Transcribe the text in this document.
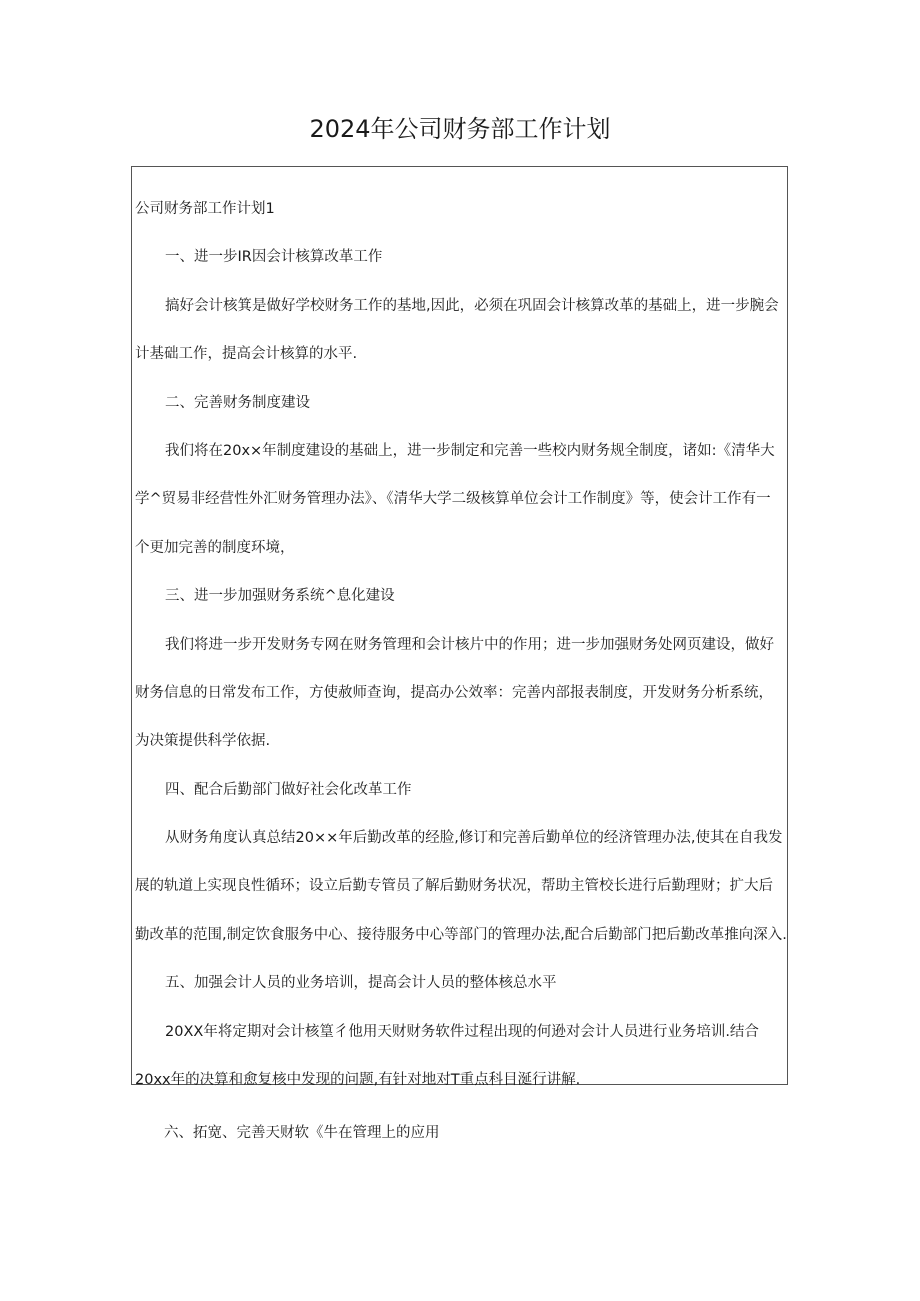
2024年公司财务部工作计划

公司财务部工作计划1

一、进一步IR因会计核算改革工作

搞好会计核箕是做好学校财务工作的基地,因此，必须在巩固会计核算改革的基础上，进一步腕会

计基础工作，提高会计核算的水平.

二、完善财务制度建设

我们将在20x×年制度建设的基础上，进一步制定和完善一些校内财务规全制度，诸如:《清华大

学^贸易非经营性外汇财务管理办法》、《清华大学二级核算单位会计工作制度》等，使会计工作有一

个更加完善的制度环境，

三、进一步加强财务系统^息化建设

我们将进一步开发财务专网在财务管理和会计核片中的作用；进一步加强财务处网页建设，做好

财务信息的日常发布工作，方使赦师查询，提高办公效率：完善内部报表制度，开发财务分析系统，

为决策提供科学依据.

四、配合后勤部门做好社会化改革工作

从财务角度认真总结20××年后勤改革的经脸,修订和完善后勤单位的经济管理办法,使其在自我发

展的轨道上实现良性循环；设立后勤专管员了解后勤财务状况，帮助主管校长进行后勤理财；扩大后

勤改革的范围,制定饮食服务中心、接待服务中心等部门的管理办法,配合后勤部门把后勤改革推向深入.

五、加强会计人员的业务培训，提高会计人员的整体核总水平

20XX年将定期对会计核篁彳他用天财财务软件过程出现的何逊对会计人员进行业务培训.结合

20xx年的决算和愈复核中发现的问题,有针对地对T重点科目涎行讲解.

六、拓宽、完善天财软《牛在管理上的应用
